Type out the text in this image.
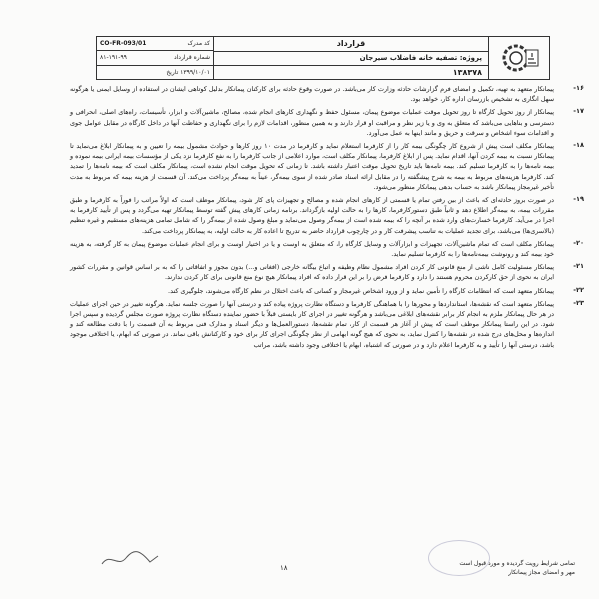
کد مدرک
CO-FR-093/01
شماره قرارداد
۸۱-۱۹۱-۹۹
۱۳۹۹/۱۰/۰۱ تاریخ
قرارداد
پروژه: تصفیه خانه فاضلاب سیرجان
۱۳۸۳۷۸
-۱۶
پیمانکار متعهد به تهیه، تکمیل و امضای فرم گزارشات حادثه وزارت کار می‌باشد. در صورت وقوع حادثه برای کارکنان پیمانکار بدلیل کوتاهی ایشان در استفاده از وسایل ایمنی یا هرگونه سهل انگاری به تشخیص بازرسان اداره کار، خواهد بود.
-۱۷
پیمانکار از روز تحویل کارگاه تا روز تحویل موقت عملیات موضوع پیمان، مسئول حفظ و نگهداری کارهای انجام شده، مصالح، ماشین‌آلات و ابزار، تأسیسات، راه‌های اصلی، انحرافی و دسترسی و بناهایی می‌باشد که متعلق به وی و یا زیر نظر و مراقبت او قرار دارند و به همین منظور، اقدامات لازم را برای نگهداری و حفاظت آنها در داخل کارگاه در مقابل عوامل جوی و اقدامات سوء اشخاص و سرقت و حریق و مانند اینها به عمل می‌آورد.
-۱۸
پیمانکار مکلف است پیش از شروع کار چگونگی بیمه کار را از کارفرما استعلام نماید و کارفرما در مدت ۱۰ روز کارها و حوادث مشمول بیمه را تعیین و به پیمانکار ابلاغ می‌نماید تا پیمانکار نسبت به بیمه کردن آنها، اقدام نماید. پس از ابلاغ کارفرما، پیمانکار مکلف است، موارد اعلامی از جانب کارفرما را به نفع کارفرما نزد یکی از مؤسسات بیمه ایرانی بیمه نموده و بیمه نامه‌ها را به کارفرما تسلیم کند. بیمه نامه‌ها باید تاریخ تحویل موقت اعتبار داشته باشد. تا زمانی که تحویل موقت انجام نشده است، پیمانکار مکلف است که بیمه نامه‌ها را تمدید کند. کارفرما هزینه‌های مربوط به بیمه به شرح پیشگفته را در مقابل ارائه اسناد صادر شده از سوی بیمه‌گر، عیناً به بیمه‌گر پرداخت می‌کند. آن قسمت از هزینه بیمه که مربوط به مدت تأخیر غیرمجاز پیمانکار باشد به حساب بدهی پیمانکار منظور می‌شود.
-۱۹
در صورت بروز حادثه‌ای که باعث از بین رفتن تمام یا قسمتی از کارهای انجام شده و مصالح و تجهیزات پای کار شود، پیمانکار موظف است که اولاً مراتب را فوراً به کارفرما و طبق مقررات بیمه، به بیمه‌گر اطلاع دهد و ثانیاً طبق دستورکارفرما، کارها را به حالت اولیه بازگرداند. برنامه زمانی کارهای پیش گفته توسط پیمانکار تهیه می‌گردد و پس از تأیید کارفرما به اجرا در می‌آید. کارفرما خسارت‌های وارد شده بر آنچه را که بیمه شده است از بیمه‌گر وصول می‌نماید و مبلغ وصول شده از بیمه‌گر را که شامل تمامی هزینه‌های مستقیم و غیره تنظیم (بالاسری‌ها) می‌باشد، برای تجدید عملیات به تناسب پیشرفت کار و در چارچوب قرارداد حاضر به تدریج تا اعاده کار به حالت اولیه، به پیمانکار پرداخت می‌کند.
-۲۰
پیمانکار مکلف است که تمام ماشین‌آلات، تجهیزات و ابزارآلات و وسایل کارگاه را، که متعلق به اوست و یا در اختیار اوست و برای انجام عملیات موضوع پیمان به کار گرفته، به هزینه خود بیمه کند و رونوشت بیمه‌نامه‌ها را به کارفرما تسلیم نماید.
-۲۱
پیمانکار مسئولیت کامل ناشی از منع قانونی کار کردن افراد مشمول نظام وظیفه و اتباع بیگانه خارجی (افغانی و...) بدون مجوز و اتفاقاتی را که به بر اساس قوانین و مقررات کشور ایران به نحوی از حق کارکردن محروم هستند را دارد و کارفرما فرض را بر این قرار داده که افراد پیمانکار هیچ نوع منع قانونی برای کار کردن ندارند.
-۲۲
پیمانکار متعهد است که انتظامات کارگاه را تأمین نماید و از ورود اشخاص غیرمجاز و کسانی که باعث اختلال در نظم کارگاه می‌شوند، جلوگیری کند.
-۲۳
پیمانکار متعهد است که نقشه‌ها، استانداردها و محورها را با هماهنگی کارفرما و دستگاه نظارت پروژه پیاده کند و درستی آنها را صورت جلسه نماید. هرگونه تغییر در حین اجرای عملیات در هر حال پیمانکار ملزم به انجام کار برابر نقشه‌های ابلاغی می‌باشد و هرگونه تغییر در اجرای کار بایستی قبلاً با حضور نماینده دستگاه نظارت پروژه صورت مجلس گردیده و سپس اجرا شود. در این راستا پیمانکار موظف است که پیش از آغاز هر قسمت از کار، تمام نقشه‌ها، دستورالعمل‌ها و دیگر اسناد و مدارک فنی مربوط به آن قسمت را با دقت مطالعه کند و اندازه‌ها و محل‌های درج شده در نقشه‌ها را کنترل نماید، به نحوی که هیچ گونه ابهامی از نظر چگونگی اجرای کار برای خود و کارکنانش باقی نماند. در صورتی که ابهام، یا اختلافی موجود باشد، درستی آنها را تأیید و به کارفرما اعلام دارد و در صورتی که اشتباه، ابهام یا اختلافی وجود داشته باشد، مراتب
۱۸
تمامی شرایط رویت گردیده و مورد قبول است
مهر و امضای مجاز پیمانکار
